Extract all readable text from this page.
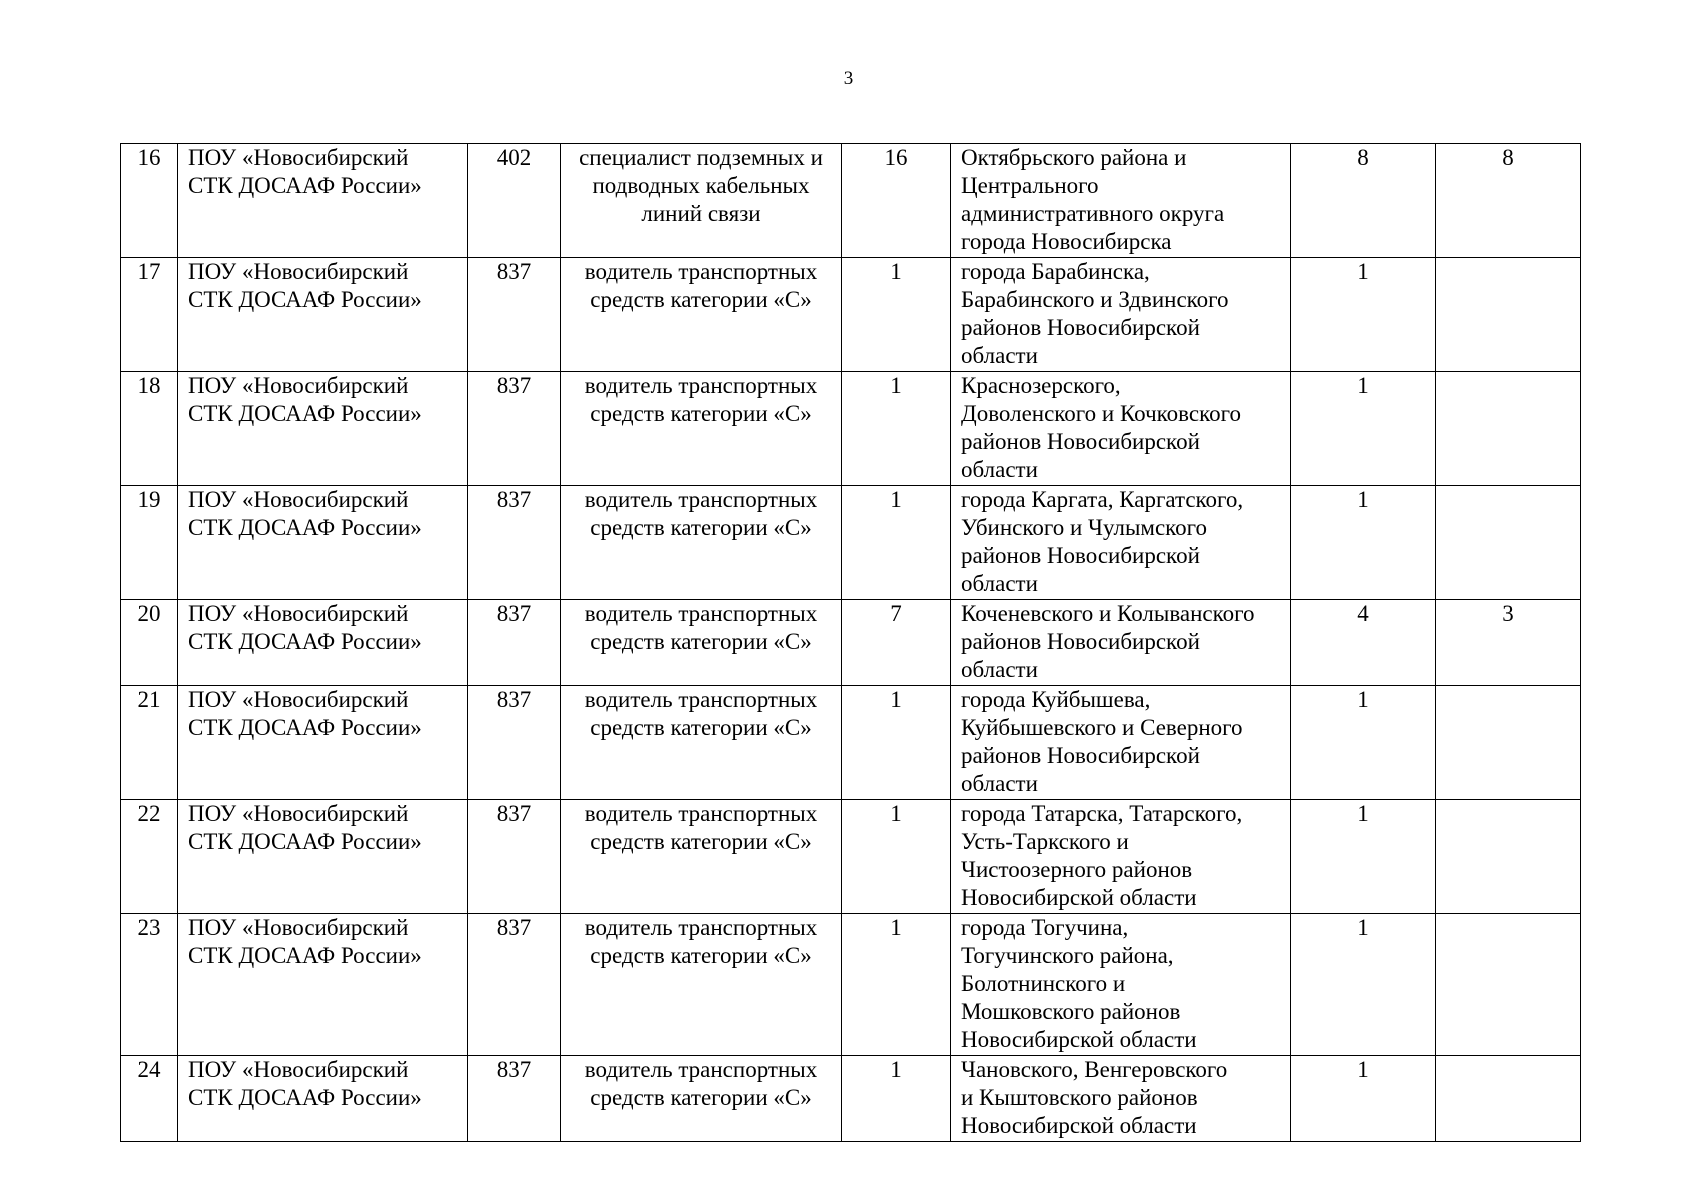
3
16	ПОУ «Новосибирский
СТК ДОСААФ России»	402	специалист подземных и
подводных кабельных
линий связи	16	Октябрьского района и
Центрального
административного округа
города Новосибирска	8	8
17	ПОУ «Новосибирский
СТК ДОСААФ России»	837	водитель транспортных
средств категории «С»	1	города Барабинска,
Барабинского и Здвинского
районов Новосибирской
области	1	
18	ПОУ «Новосибирский
СТК ДОСААФ России»	837	водитель транспортных
средств категории «С»	1	Краснозерского,
Доволенского и Кочковского
районов Новосибирской
области	1	
19	ПОУ «Новосибирский
СТК ДОСААФ России»	837	водитель транспортных
средств категории «С»	1	города Каргата, Каргатского,
Убинского и Чулымского
районов Новосибирской
области	1	
20	ПОУ «Новосибирский
СТК ДОСААФ России»	837	водитель транспортных
средств категории «С»	7	Коченевского и Колыванского
районов Новосибирской
области	4	3
21	ПОУ «Новосибирский
СТК ДОСААФ России»	837	водитель транспортных
средств категории «С»	1	города Куйбышева,
Куйбышевского и Северного
районов Новосибирской
области	1	
22	ПОУ «Новосибирский
СТК ДОСААФ России»	837	водитель транспортных
средств категории «С»	1	города Татарска, Татарского,
Усть-Таркского и
Чистоозерного районов
Новосибирской области	1	
23	ПОУ «Новосибирский
СТК ДОСААФ России»	837	водитель транспортных
средств категории «С»	1	города Тогучина,
Тогучинского района,
Болотнинского и
Мошковского районов
Новосибирской области	1	
24	ПОУ «Новосибирский
СТК ДОСААФ России»	837	водитель транспортных
средств категории «С»	1	Чановского, Венгеровского
и Кыштовского районов
Новосибирской области	1	
